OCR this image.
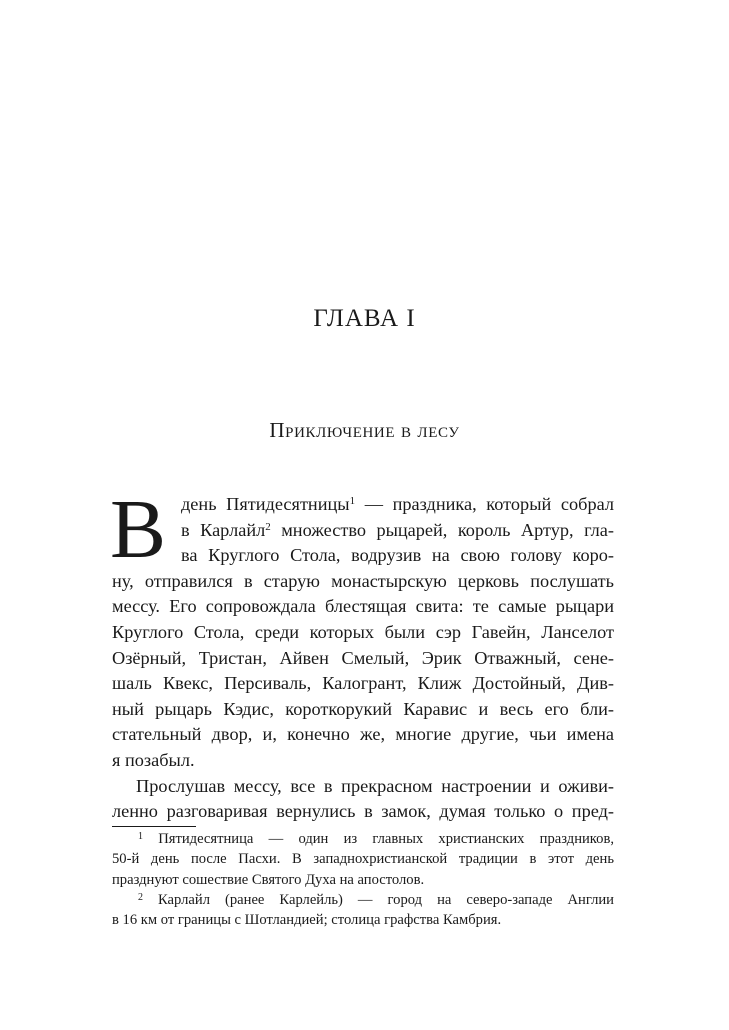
ГЛАВА I
Приключение в лесу
В день Пятидесятницы$^1$ — праздника, который собрал
в Карлайл$^2$ множество рыцарей, король Артур, гла-
ва Круглого Стола, водрузив на свою голову коро-
ну, отправился в старую монастырскую церковь послушать
мессу. Его сопровождала блестящая свита: те самые рыцари
Круглого Стола, среди которых были сэр Гавейн, Ланселот
Озёрный, Тристан, Айвен Смелый, Эрик Отважный, сене-
шаль Квекс, Персиваль, Калогрант, Клиж Достойный, Див-
ный рыцарь Кэдис, короткорукий Каравис и весь его бли-
стательный двор, и, конечно же, многие другие, чьи имена
я позабыл.
Прослушав мессу, все в прекрасном настроении и оживи-
ленно разговаривая вернулись в замок, думая только о пред-
$^1$ Пятидесятница — один из главных христианских праздников,
50-й день после Пасхи. В западнохристианской традиции в этот день
празднуют сошествие Святого Духа на апостолов.
$^2$ Карлайл (ранее Карлейль) — город на северо-западе Англии
в 16 км от границы с Шотландией; столица графства Камбрия.
